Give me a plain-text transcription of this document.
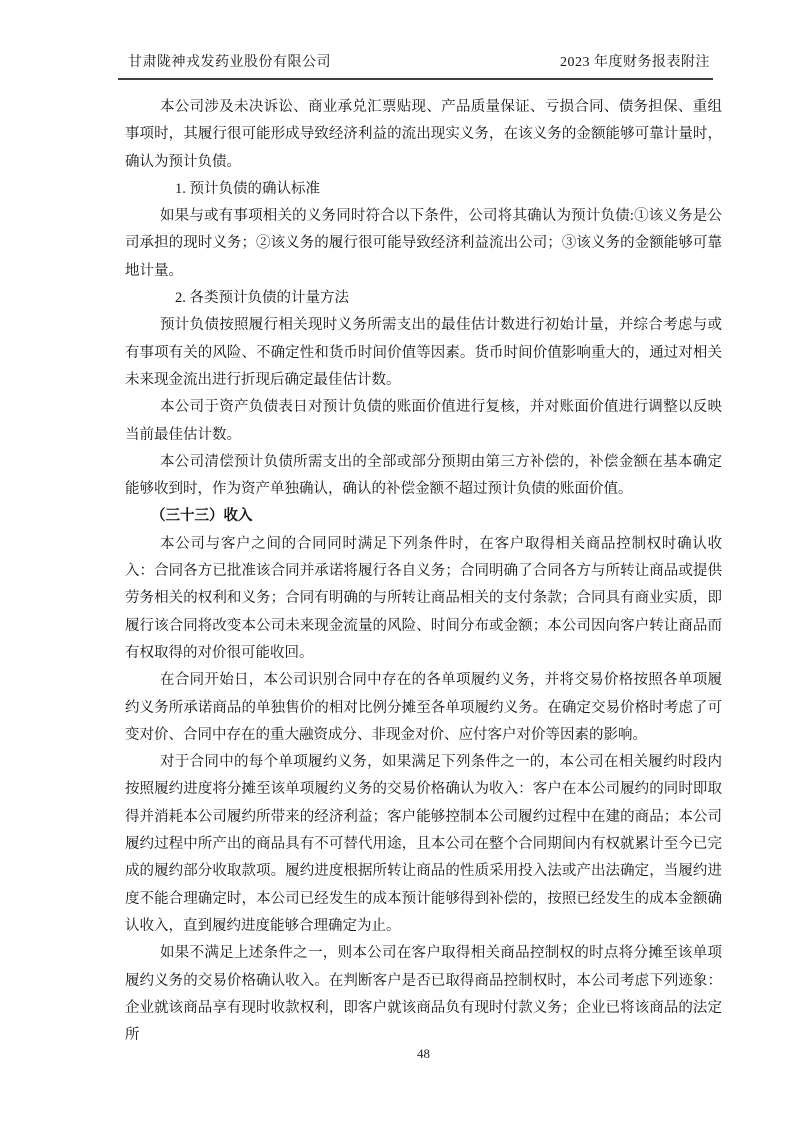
甘肃陇神戎发药业股份有限公司	2023 年度财务报表附注

本公司涉及未决诉讼、商业承兑汇票贴现、产品质量保证、亏损合同、债务担保、重组事项时，其履行很可能形成导致经济利益的流出现实义务，在该义务的金额能够可靠计量时，确认为预计负债。

1. 预计负债的确认标准

如果与或有事项相关的义务同时符合以下条件，公司将其确认为预计负债:①该义务是公司承担的现时义务；②该义务的履行很可能导致经济利益流出公司；③该义务的金额能够可靠地计量。

2. 各类预计负债的计量方法

预计负债按照履行相关现时义务所需支出的最佳估计数进行初始计量，并综合考虑与或有事项有关的风险、不确定性和货币时间价值等因素。货币时间价值影响重大的，通过对相关未来现金流出进行折现后确定最佳估计数。

本公司于资产负债表日对预计负债的账面价值进行复核，并对账面价值进行调整以反映当前最佳估计数。

本公司清偿预计负债所需支出的全部或部分预期由第三方补偿的，补偿金额在基本确定能够收到时，作为资产单独确认，确认的补偿金额不超过预计负债的账面价值。

（三十三）收入

本公司与客户之间的合同同时满足下列条件时，在客户取得相关商品控制权时确认收入：合同各方已批准该合同并承诺将履行各自义务；合同明确了合同各方与所转让商品或提供劳务相关的权利和义务；合同有明确的与所转让商品相关的支付条款；合同具有商业实质，即履行该合同将改变本公司未来现金流量的风险、时间分布或金额；本公司因向客户转让商品而有权取得的对价很可能收回。

在合同开始日，本公司识别合同中存在的各单项履约义务，并将交易价格按照各单项履约义务所承诺商品的单独售价的相对比例分摊至各单项履约义务。在确定交易价格时考虑了可变对价、合同中存在的重大融资成分、非现金对价、应付客户对价等因素的影响。

对于合同中的每个单项履约义务，如果满足下列条件之一的，本公司在相关履约时段内按照履约进度将分摊至该单项履约义务的交易价格确认为收入：客户在本公司履约的同时即取得并消耗本公司履约所带来的经济利益；客户能够控制本公司履约过程中在建的商品；本公司履约过程中所产出的商品具有不可替代用途，且本公司在整个合同期间内有权就累计至今已完成的履约部分收取款项。履约进度根据所转让商品的性质采用投入法或产出法确定，当履约进度不能合理确定时，本公司已经发生的成本预计能够得到补偿的，按照已经发生的成本金额确认收入，直到履约进度能够合理确定为止。

如果不满足上述条件之一，则本公司在客户取得相关商品控制权的时点将分摊至该单项履约义务的交易价格确认收入。在判断客户是否已取得商品控制权时，本公司考虑下列迹象：企业就该商品享有现时收款权利，即客户就该商品负有现时付款义务；企业已将该商品的法定所

48
